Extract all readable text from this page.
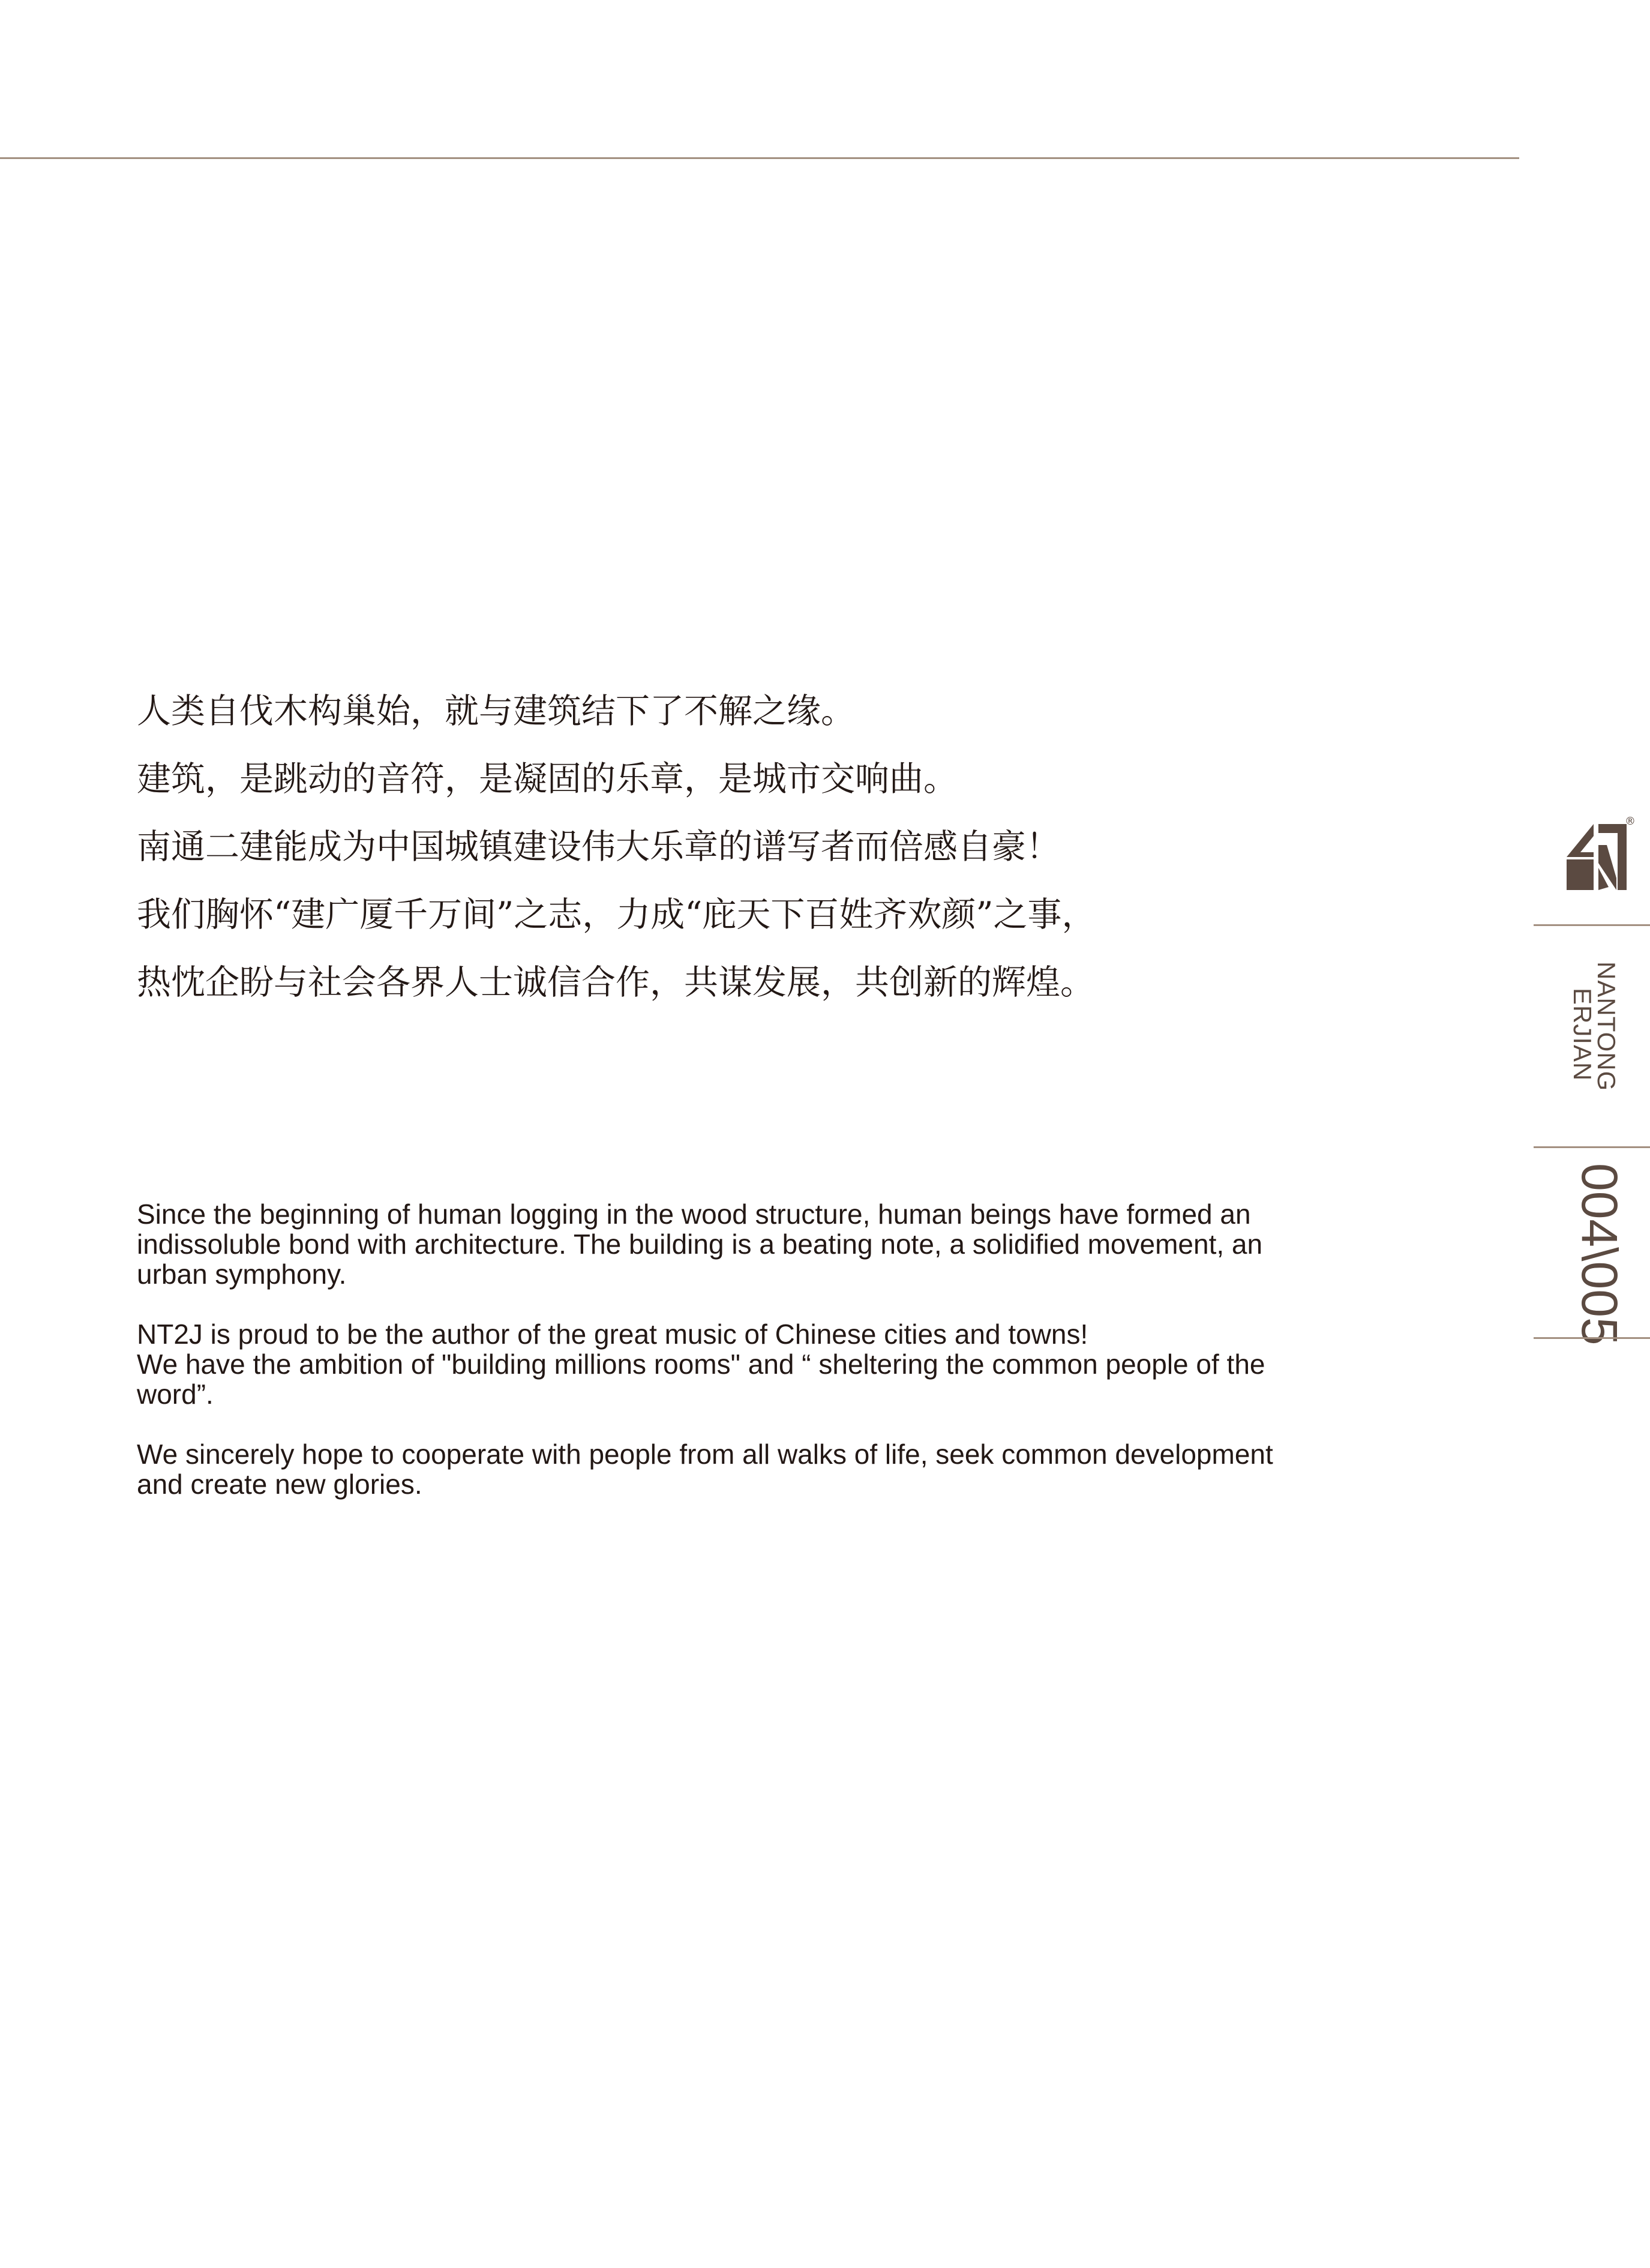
人类自伐木构巢始，就与建筑结下了不解之缘。
建筑，是跳动的音符，是凝固的乐章，是城市交响曲。
南通二建能成为中国城镇建设伟大乐章的谱写者而倍感自豪！
我们胸怀“建广厦千万间”之志，力成“庇天下百姓齐欢颜”之事，
热忱企盼与社会各界人士诚信合作，共谋发展，共创新的辉煌。

Since the beginning of human logging in the wood structure, human beings have formed an
indissoluble bond with architecture. The building is a beating note, a solidified movement, an
urban symphony.

NT2J is proud to be the author of the great music of Chinese cities and towns!
We have the ambition of "building millions rooms" and “ sheltering the common people of the
word”.

We sincerely hope to cooperate with people from all walks of life, seek common development
and create new glories.

®
NANTONG
ERJIAN
004\005
